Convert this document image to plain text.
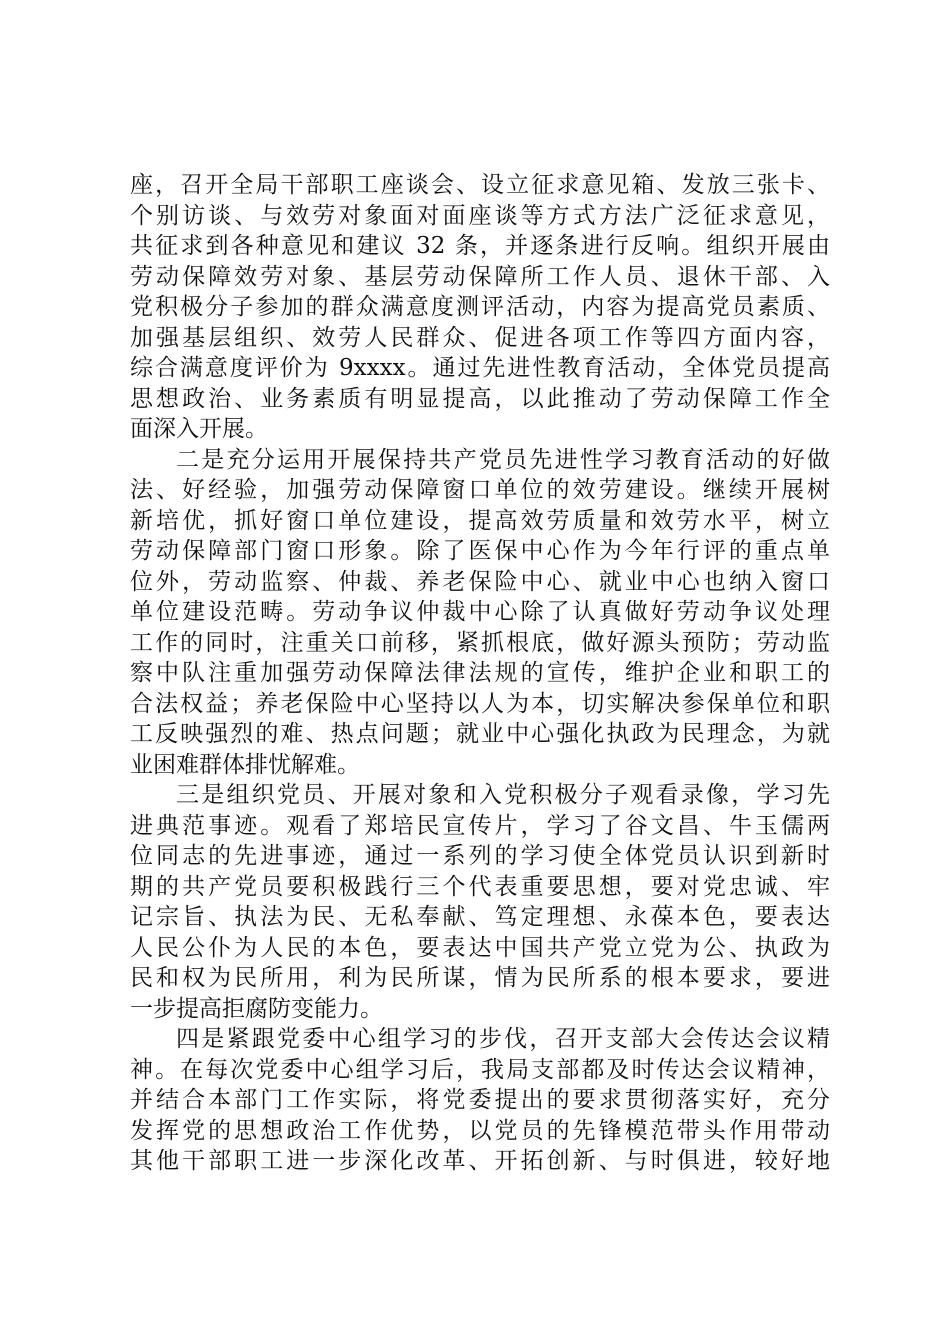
座，召开全局干部职工座谈会、设立征求意见箱、发放三张卡、
个别访谈、与效劳对象面对面座谈等方式方法广泛征求意见，
共征求到各种意见和建议 32 条，并逐条进行反响。组织开展由
劳动保障效劳对象、基层劳动保障所工作人员、退休干部、入
党积极分子参加的群众满意度测评活动，内容为提高党员素质、
加强基层组织、效劳人民群众、促进各项工作等四方面内容，
综合满意度评价为 9xxxx。通过先进性教育活动，全体党员提高
思想政治、业务素质有明显提高，以此推动了劳动保障工作全
面深入开展。
二是充分运用开展保持共产党员先进性学习教育活动的好做
法、好经验，加强劳动保障窗口单位的效劳建设。继续开展树
新培优，抓好窗口单位建设，提高效劳质量和效劳水平，树立
劳动保障部门窗口形象。除了医保中心作为今年行评的重点单
位外，劳动监察、仲裁、养老保险中心、就业中心也纳入窗口
单位建设范畴。劳动争议仲裁中心除了认真做好劳动争议处理
工作的同时，注重关口前移，紧抓根底，做好源头预防；劳动监
察中队注重加强劳动保障法律法规的宣传，维护企业和职工的
合法权益；养老保险中心坚持以人为本，切实解决参保单位和职
工反映强烈的难、热点问题；就业中心强化执政为民理念，为就
业困难群体排忧解难。
三是组织党员、开展对象和入党积极分子观看录像，学习先
进典范事迹。观看了郑培民宣传片，学习了谷文昌、牛玉儒两
位同志的先进事迹，通过一系列的学习使全体党员认识到新时
期的共产党员要积极践行三个代表重要思想，要对党忠诚、牢
记宗旨、执法为民、无私奉献、笃定理想、永葆本色，要表达
人民公仆为人民的本色，要表达中国共产党立党为公、执政为
民和权为民所用，利为民所谋，情为民所系的根本要求，要进
一步提高拒腐防变能力。
四是紧跟党委中心组学习的步伐，召开支部大会传达会议精
神。在每次党委中心组学习后，我局支部都及时传达会议精神，
并结合本部门工作实际，将党委提出的要求贯彻落实好，充分
发挥党的思想政治工作优势，以党员的先锋模范带头作用带动
其他干部职工进一步深化改革、开拓创新、与时俱进，较好地
